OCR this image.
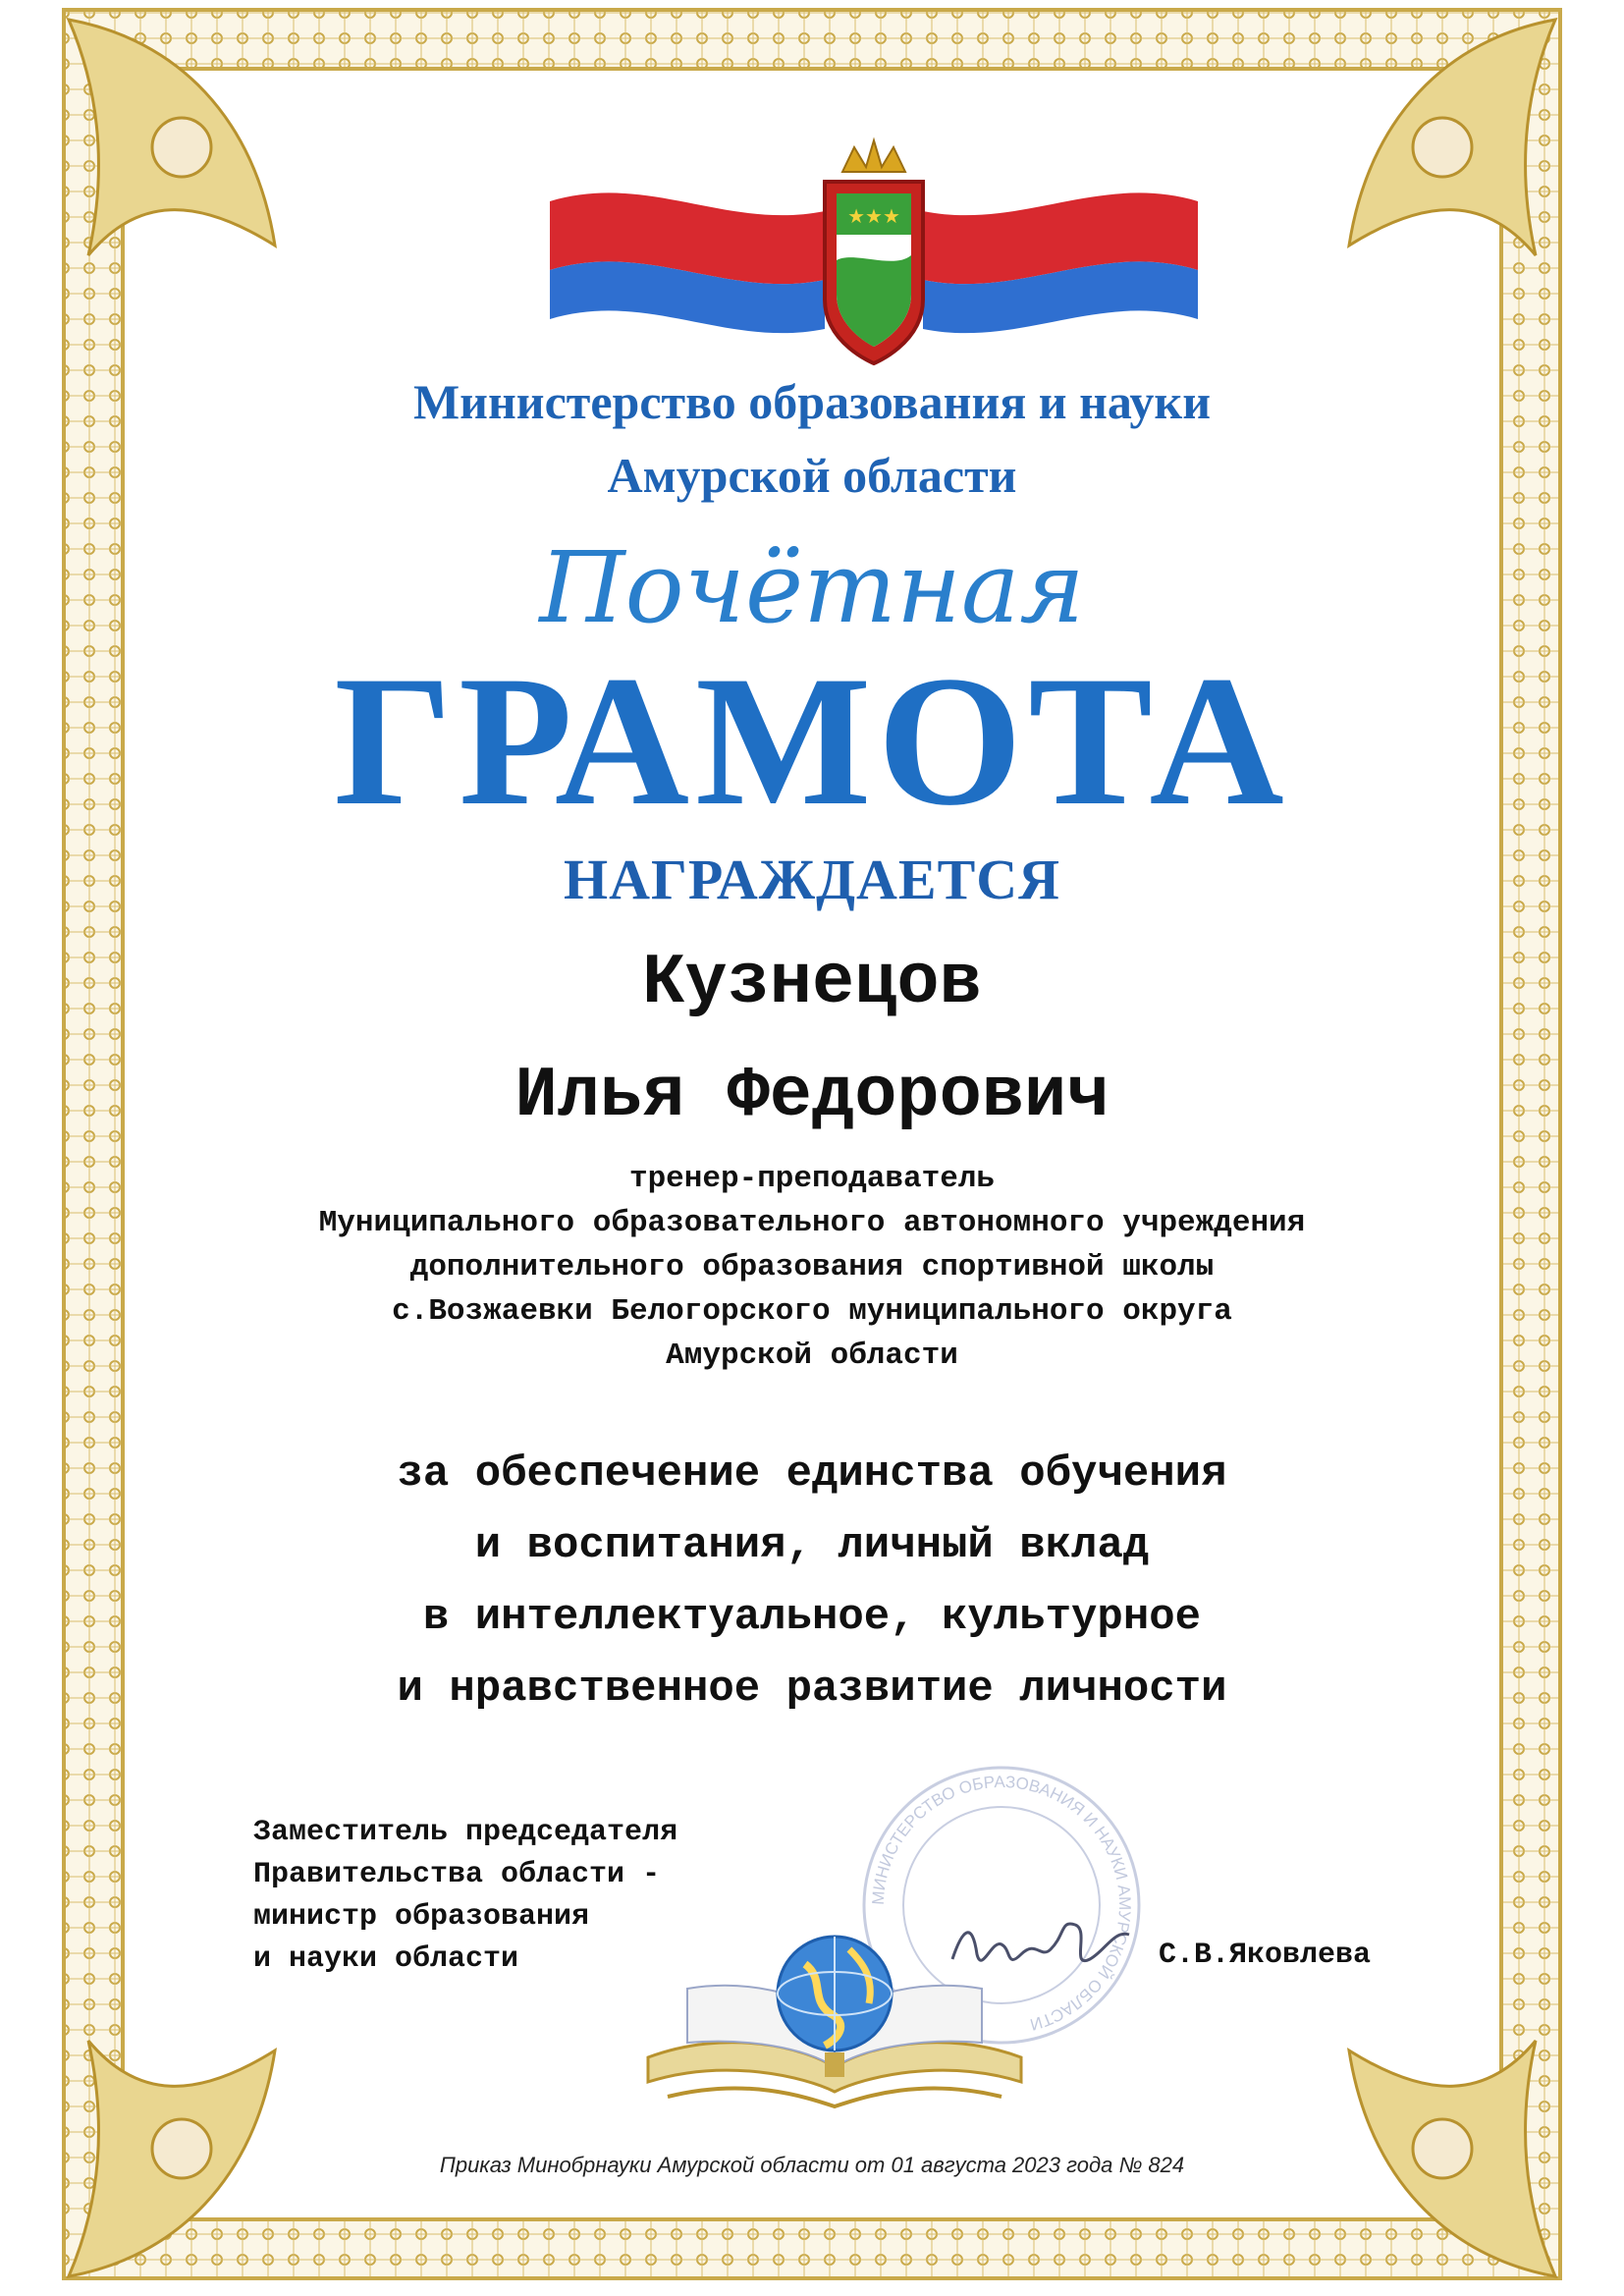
★★★
Министерство образования и науки
Амурской области
Почётная
ГРАМОТА
НАГРАЖДАЕТСЯ
Кузнецов
Илья Федорович
тренер-преподаватель
Муниципального образовательного автономного учреждения
дополнительного образования спортивной школы
с.Возжаевки Белогорского муниципального округа
Амурской области
за обеспечение единства обучения
и воспитания, личный вклад
в интеллектуальное, культурное
и нравственное развитие личности
МИНИСТЕРСТВО ОБРАЗОВАНИЯ И НАУКИ АМУРСКОЙ ОБЛАСТИ
Заместитель председателя
Правительства области -
министр образования
и науки области	С.В.Яковлева
Приказ Минобрнауки Амурской области от 01 августа 2023 года № 824
